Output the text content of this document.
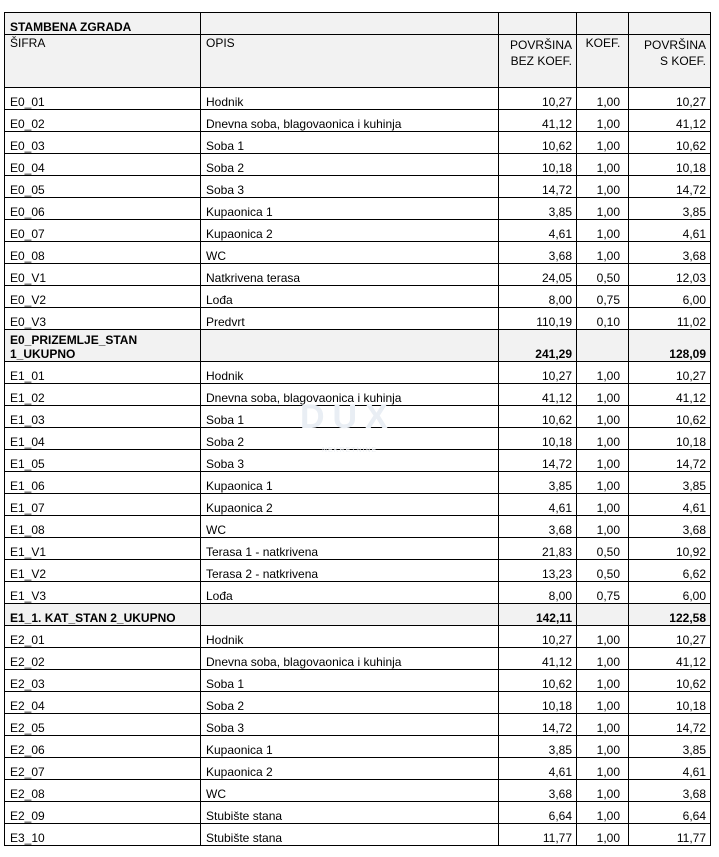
STAMBENA ZGRADA				
ŠIFRA	OPIS	POVRŠINA BEZ KOEF.	KOEF.	POVRŠINA S KOEF.
E0_01	Hodnik	10,27	1,00	10,27
E0_02	Dnevna soba, blagovaonica i kuhinja	41,12	1,00	41,12
E0_03	Soba 1	10,62	1,00	10,62
E0_04	Soba 2	10,18	1,00	10,18
E0_05	Soba 3	14,72	1,00	14,72
E0_06	Kupaonica 1	3,85	1,00	3,85
E0_07	Kupaonica 2	4,61	1,00	4,61
E0_08	WC	3,68	1,00	3,68
E0_V1	Natkrivena terasa	24,05	0,50	12,03
E0_V2	Lođa	8,00	0,75	6,00
E0_V3	Predvrt	110,19	0,10	11,02
E0_PRIZEMLJE_STAN 1_UKUPNO		241,29		128,09
E1_01	Hodnik	10,27	1,00	10,27
E1_02	Dnevna soba, blagovaonica i kuhinja	41,12	1,00	41,12
E1_03	Soba 1	10,62	1,00	10,62
E1_04	Soba 2	10,18	1,00	10,18
E1_05	Soba 3	14,72	1,00	14,72
E1_06	Kupaonica 1	3,85	1,00	3,85
E1_07	Kupaonica 2	4,61	1,00	4,61
E1_08	WC	3,68	1,00	3,68
E1_V1	Terasa 1 - natkrivena	21,83	0,50	10,92
E1_V2	Terasa 2 - natkrivena	13,23	0,50	6,62
E1_V3	Lođa	8,00	0,75	6,00
E1_1. KAT_STAN 2_UKUPNO		142,11		122,58
E2_01	Hodnik	10,27	1,00	10,27
E2_02	Dnevna soba, blagovaonica i kuhinja	41,12	1,00	41,12
E2_03	Soba 1	10,62	1,00	10,62
E2_04	Soba 2	10,18	1,00	10,18
E2_05	Soba 3	14,72	1,00	14,72
E2_06	Kupaonica 1	3,85	1,00	3,85
E2_07	Kupaonica 2	4,61	1,00	4,61
E2_08	WC	3,68	1,00	3,68
E2_09	Stubište stana	6,64	1,00	6,64
E3_10	Stubište stana	11,77	1,00	11,77
DUX
NEKRETNINE
